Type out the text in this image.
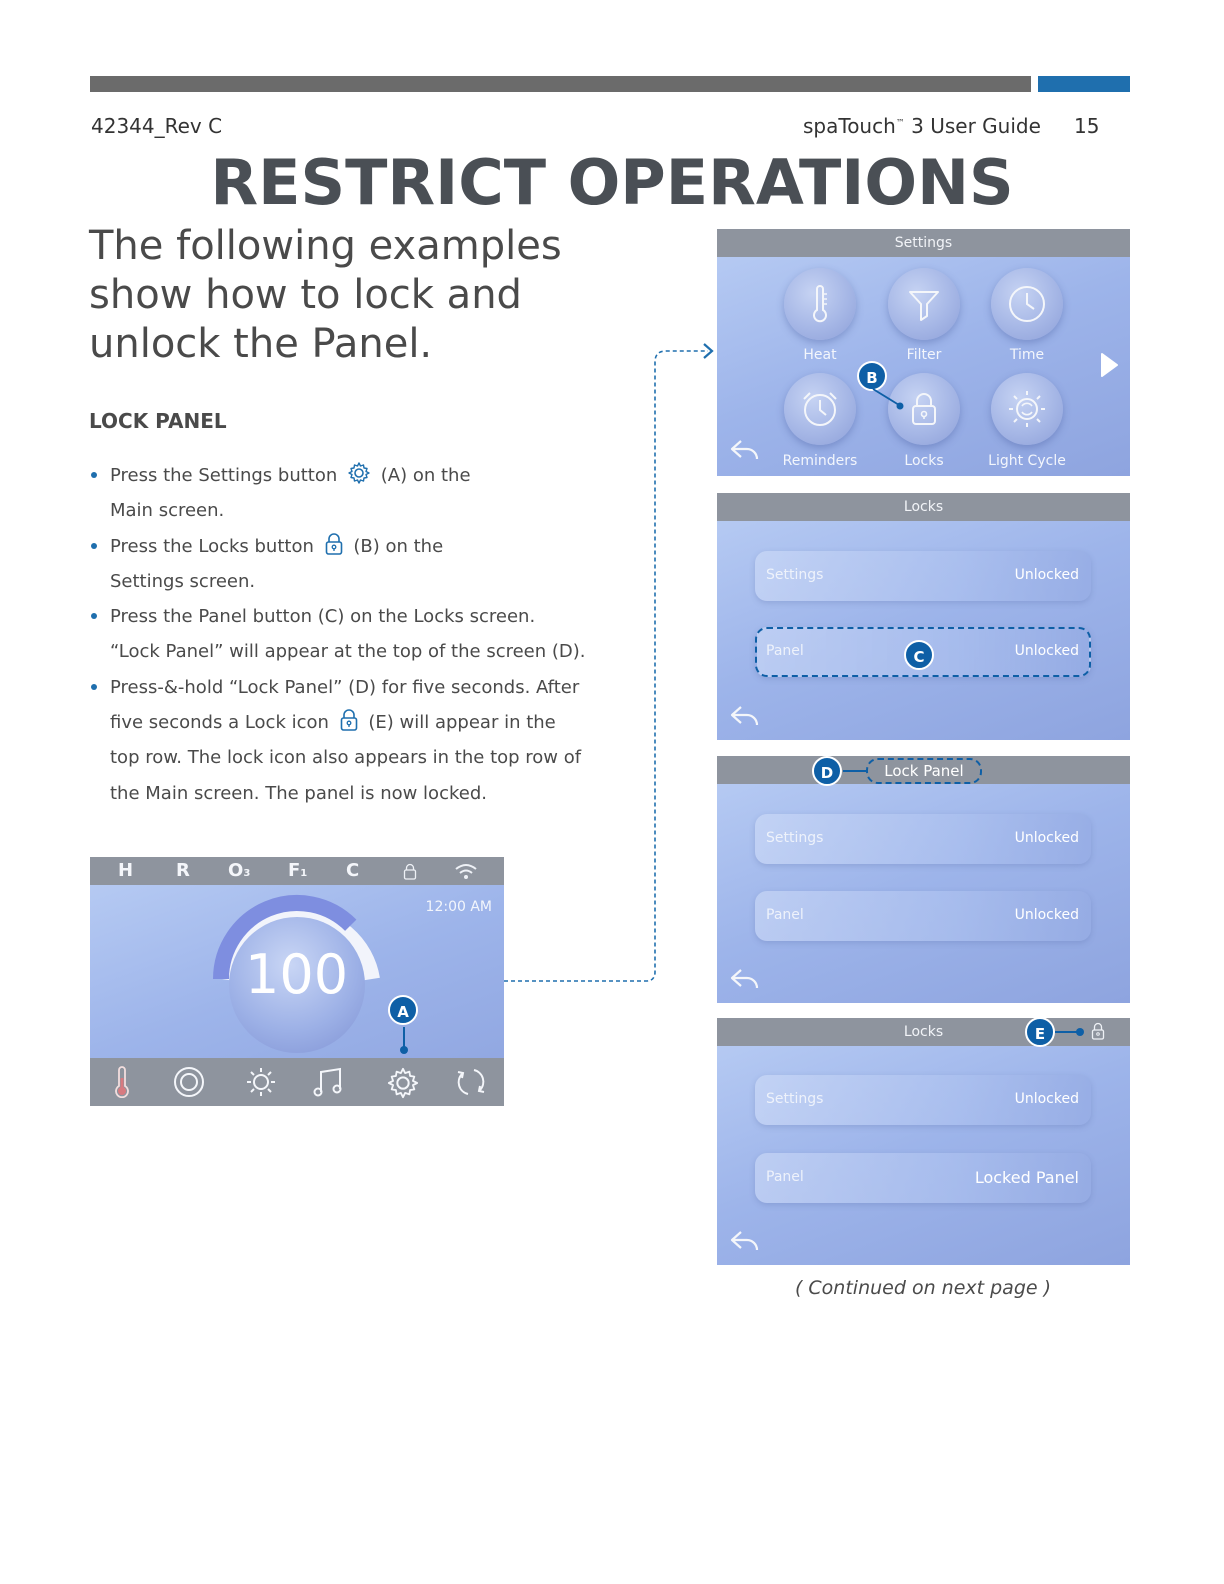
42344_Rev C	spaTouch™ 3 User Guide 15
RESTRICT OPERATIONS
The following examples
show how to lock and
unlock the Panel.
LOCK PANEL
Press the Settings button (A) on the
Main screen.
Press the Locks button (B) on the
Settings screen.
Press the Panel button (C) on the Locks screen.
“Lock Panel” will appear at the top of the screen (D).
Press-&-hold “Lock Panel” (D) for five seconds. After
five seconds a Lock icon (E) will appear in the
top row. The lock icon also appears in the top row of
the Main screen. The panel is now locked.
H R O3 F1 C
12:00 AM
100
A
Settings
Heat	Filter	Time
Reminders	Locks	Light Cycle
B
Locks
Settings	Unlocked
Panel	Unlocked
C
Lock Panel
D
Settings	Unlocked
Panel	Unlocked
Locks	E
Settings	Unlocked
Panel	Locked Panel
( Continued on next page )
